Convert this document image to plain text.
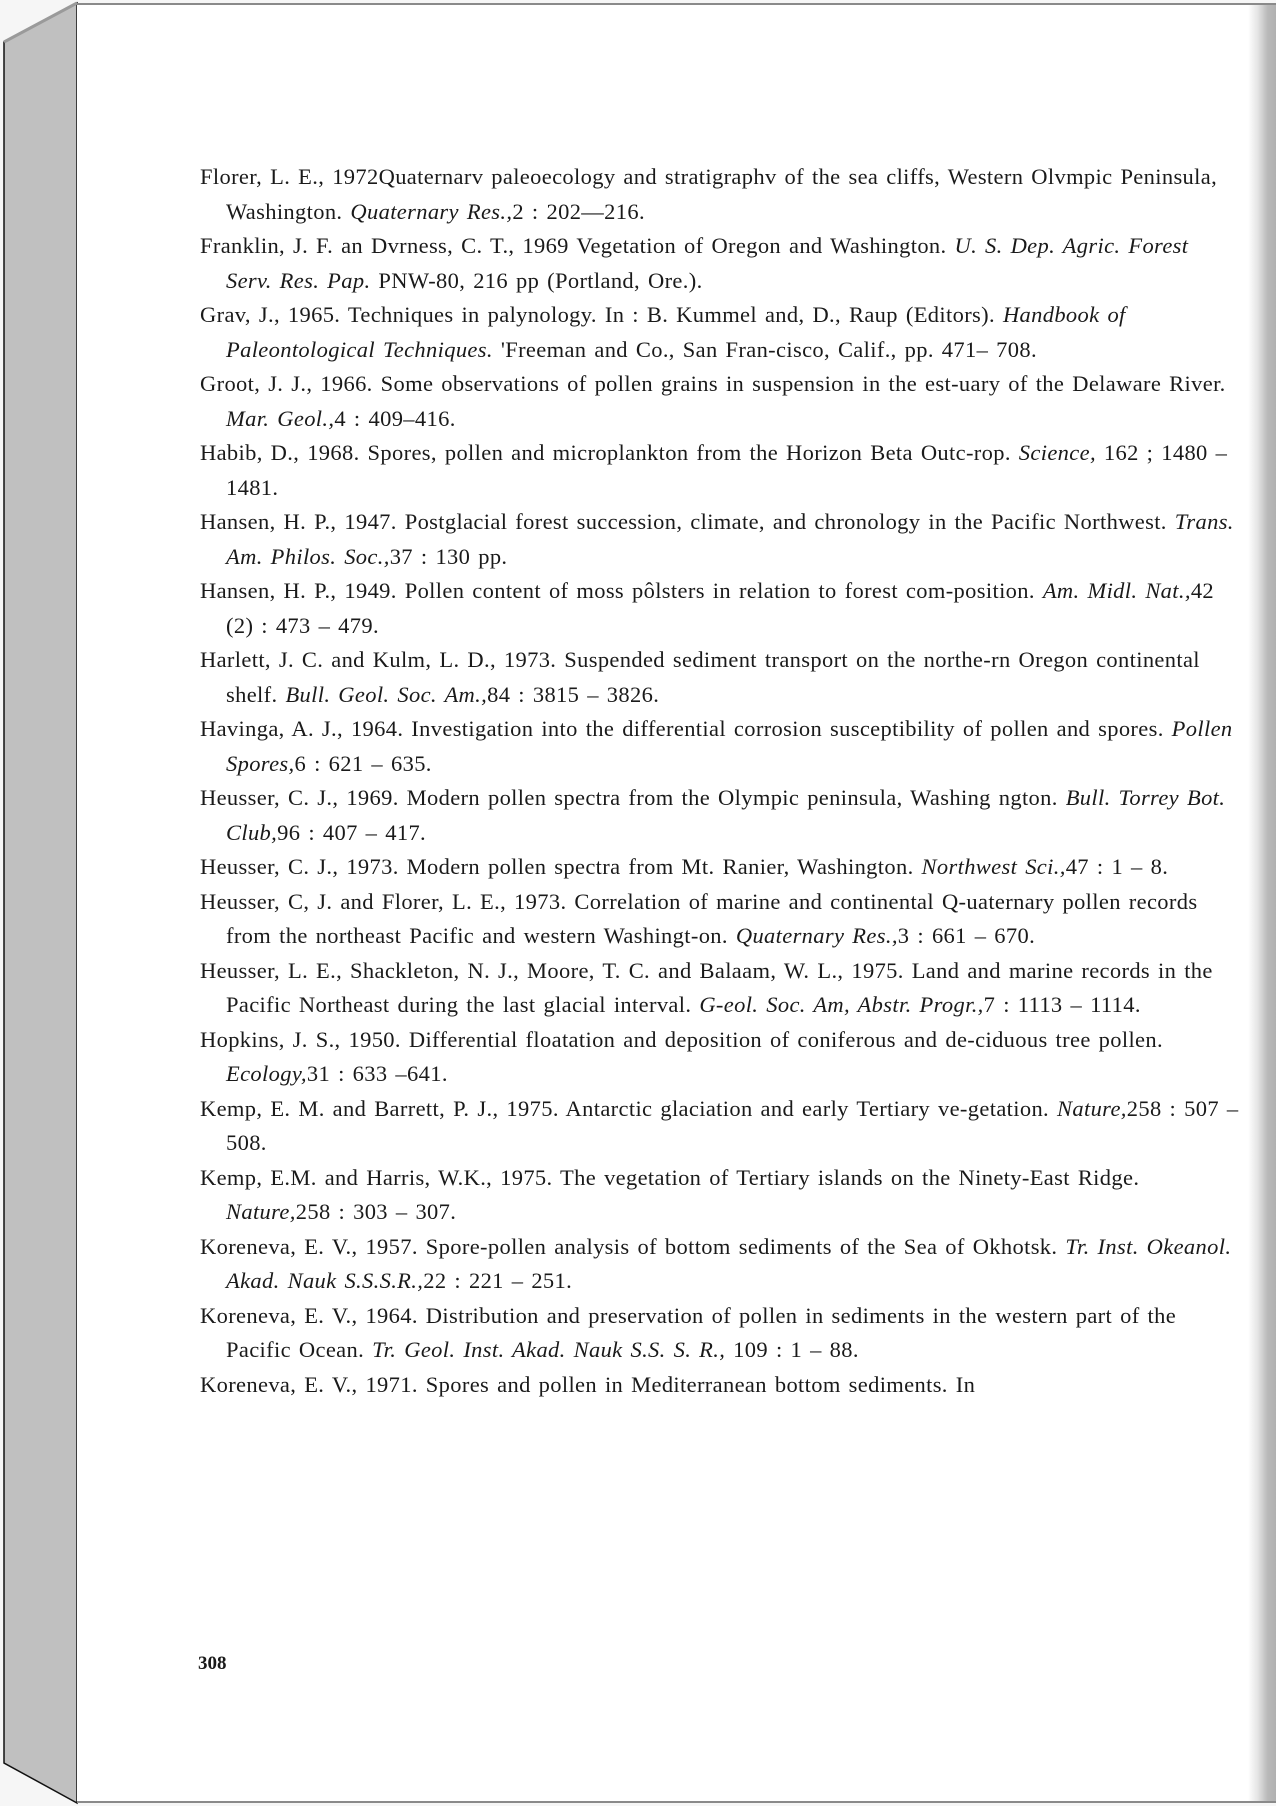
Florer, L. E., 1972Quaternarv paleoecology and stratigraphv of the sea cliffs, Western Olvmpic Peninsula, Washington. Quaternary Res.,2 : 202—216.

Franklin, J. F. an Dvrness, C. T., 1969 Vegetation of Oregon and Washington. U. S. Dep. Agric. Forest Serv. Res. Pap. PNW-80, 216 pp (Portland, Ore.).

Grav, J., 1965. Techniques in palynology. In : B. Kummel and, D., Raup (Editors). Handbook of Paleontological Techniques. 'Freeman and Co., San Fran-cisco, Calif., pp. 471– 708.

Groot, J. J., 1966. Some observations of pollen grains in suspension in the est-uary of the Delaware River. Mar. Geol.,4 : 409–416.

Habib, D., 1968. Spores, pollen and microplankton from the Horizon Beta Outc-rop. Science, 162 ; 1480 – 1481.

Hansen, H. P., 1947. Postglacial forest succession, climate, and chronology in the Pacific Northwest. Trans. Am. Philos. Soc.,37 : 130 pp.

Hansen, H. P., 1949. Pollen content of moss pôlsters in relation to forest com-position. Am. Midl. Nat.,42 (2) : 473 – 479.

Harlett, J. C. and Kulm, L. D., 1973. Suspended sediment transport on the northe-rn Oregon continental shelf. Bull. Geol. Soc. Am.,84 : 3815 – 3826.

Havinga, A. J., 1964. Investigation into the differential corrosion susceptibility of pollen and spores. Pollen Spores,6 : 621 – 635.

Heusser, C. J., 1969. Modern pollen spectra from the Olympic peninsula, Washing ngton. Bull. Torrey Bot. Club,96 : 407 – 417.

Heusser, C. J., 1973. Modern pollen spectra from Mt. Ranier, Washington. Northwest Sci.,47 : 1 – 8.

Heusser, C, J. and Florer, L. E., 1973. Correlation of marine and continental Q-uaternary pollen records from the northeast Pacific and western Washingt-on. Quaternary Res.,3 : 661 – 670.

Heusser, L. E., Shackleton, N. J., Moore, T. C. and Balaam, W. L., 1975. Land and marine records in the Pacific Northeast during the last glacial interval. G-eol. Soc. Am, Abstr. Progr.,7 : 1113 – 1114.

Hopkins, J. S., 1950. Differential floatation and deposition of coniferous and de-ciduous tree pollen. Ecology,31 : 633 –641.

Kemp, E. M. and Barrett, P. J., 1975. Antarctic glaciation and early Tertiary ve-getation. Nature,258 : 507 – 508.

Kemp, E.M. and Harris, W.K., 1975. The vegetation of Tertiary islands on the Ninety-East Ridge. Nature,258 : 303 – 307.

Koreneva, E. V., 1957. Spore-pollen analysis of bottom sediments of the Sea of Okhotsk. Tr. Inst. Okeanol. Akad. Nauk S.S.S.R.,22 : 221 – 251.

Koreneva, E. V., 1964. Distribution and preservation of pollen in sediments in the western part of the Pacific Ocean. Tr. Geol. Inst. Akad. Nauk S.S. S. R., 109 : 1 – 88.

Koreneva, E. V., 1971. Spores and pollen in Mediterranean bottom sediments. In

308
